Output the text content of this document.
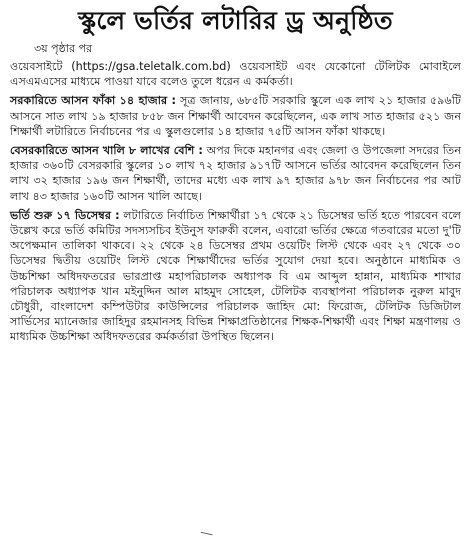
স্কুলে ভর্তির লটারির ড্র অনুষ্ঠিত
৩য় পৃষ্ঠার পর

ওয়েবসাইটে (https://gsa.teletalk.com.bd) ওয়েবসাইট এবং যেকোনো টেলিটক মোবাইলে এসএমএসের মাধ্যমে পাওয়া যাবে বলেও তুলে ধরেন এ কর্মকর্তা।

সরকারিতে আসন ফাঁকা ১৪ হাজার : সূত্র জানায়, ৬৮৫টি সরকারি স্কুলে এক লাখ ২১ হাজার ৫৯৬টি আসনে সাত লাখ ১৯ হাজার ৮৫৮ জন শিক্ষার্থী আবেদন করেছিলেন, এক লাখ সাত হাজার ৫২১ জন শিক্ষার্থী লটারিতে নির্বাচনের পর এ স্কুলগুলোর ১৪ হাজার ৭৫টি আসন ফাঁকা থাকছে।

বেসরকারিতে আসন খালি ৮ লাখের বেশি : অপর দিকে মহানগর এবং জেলা ও উপজেলা সদরের তিন হাজার ৩৬০টি বেসরকারি স্কুলের ১০ লাখ ৭২ হাজার ৯১৭টি আসনে ভর্তির আবেদন করেছিলেন তিন লাখ ৩২ হাজার ১৯৬ জন শিক্ষার্থী, তাদের মধ্যে এক লাখ ৯৭ হাজার ৯৭৮ জন নির্বাচনের পর আট লাখ ৪৩ হাজার ১৬০টি আসন খালি আছে।

ভর্তি শুরু ১৭ ডিসেম্বর : লটারিতে নির্বাচিত শিক্ষার্থীরা ১৭ থেকে ২১ ডিসেম্বর ভর্তি হতে পারবেন বলে উল্লেখ করে ভর্তি কমিটির সদস্যসচিব ইউনুস ফারুকী বলেন, এবারো ভর্তির ক্ষেত্রে গতবারের মতো দু'টি অপেক্ষমান তালিকা থাকবে। ২২ থেকে ২৪ ডিসেম্বর প্রথম ওয়েটিং লিস্ট থেকে এবং ২৭ থেকে ৩০ ডিসেম্বর দ্বিতীয় ওয়েটিং লিস্ট থেকে শিক্ষার্থীদের ভর্তির সুযোগ দেয়া হবে। অনুষ্ঠানে মাধ্যমিক ও উচ্চশিক্ষা অধিদফতরের ভারপ্রাপ্ত মহাপরিচালক অধ্যাপক বি এম আব্দুল হান্নান, মাধ্যমিক শাখার পরিচালক অধ্যাপক খান মইনুদ্দিন আল মাহমুদ সোহেল, টেলিটক ব্যবস্থাপনা পরিচালক নুরুল মাবুদ চৌধুরী, বাংলাদেশ কম্পিউটার কাউন্সিলের পরিচালক জাহিদ মো: ফিরোজ, টেলিটক ডিজিটাল সার্ভিসের ম্যানেজার জাহিদুর রহমানসহ বিভিন্ন শিক্ষাপ্রতিষ্ঠানের শিক্ষক-শিক্ষার্থী এবং শিক্ষা মন্ত্রণালয় ও মাধ্যমিক উচ্চশিক্ষা অধিদফতরের কর্মকর্তারা উপস্থিত ছিলেন।
